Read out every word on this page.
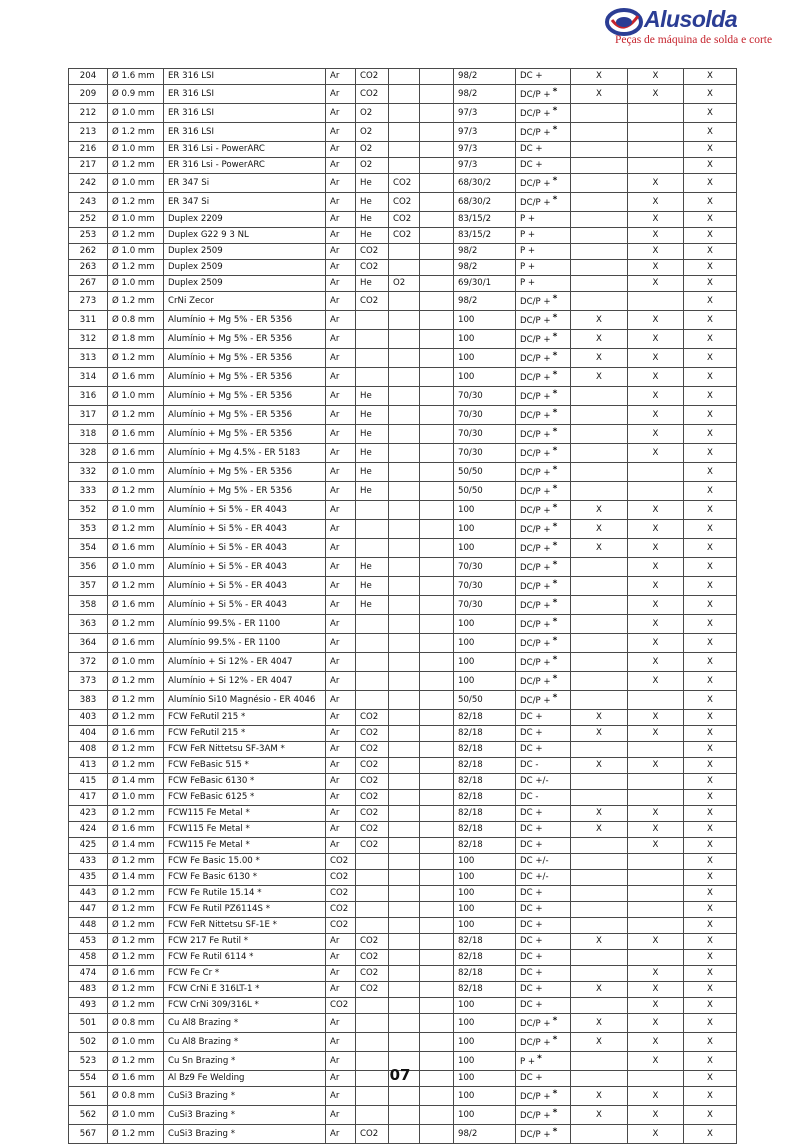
Alusolda
Peças de máquina de solda e corte
204	Ø 1.6 mm	ER 316 LSI	Ar	CO2			98/2	DC +	X	X	X
209	Ø 0.9 mm	ER 316 LSI	Ar	CO2			98/2	DC/P + *	X	X	X
212	Ø 1.0 mm	ER 316 LSI	Ar	O2			97/3	DC/P + *			X
213	Ø 1.2 mm	ER 316 LSI	Ar	O2			97/3	DC/P + *			X
216	Ø 1.0 mm	ER 316 Lsi - PowerARC	Ar	O2			97/3	DC +			X
217	Ø 1.2 mm	ER 316 Lsi - PowerARC	Ar	O2			97/3	DC +			X
242	Ø 1.0 mm	ER 347 Si	Ar	He	CO2		68/30/2	DC/P + *		X	X
243	Ø 1.2 mm	ER 347 Si	Ar	He	CO2		68/30/2	DC/P + *		X	X
252	Ø 1.0 mm	Duplex 2209	Ar	He	CO2		83/15/2	P +		X	X
253	Ø 1.2 mm	Duplex G22 9 3 NL	Ar	He	CO2		83/15/2	P +		X	X
262	Ø 1.0 mm	Duplex 2509	Ar	CO2			98/2	P +		X	X
263	Ø 1.2 mm	Duplex 2509	Ar	CO2			98/2	P +		X	X
267	Ø 1.0 mm	Duplex 2509	Ar	He	O2		69/30/1	P +		X	X
273	Ø 1.2 mm	CrNi Zecor	Ar	CO2			98/2	DC/P + *			X
311	Ø 0.8 mm	Alumínio + Mg 5% - ER 5356	Ar				100	DC/P + *	X	X	X
312	Ø 1.8 mm	Alumínio + Mg 5% - ER 5356	Ar				100	DC/P + *	X	X	X
313	Ø 1.2 mm	Alumínio + Mg 5% - ER 5356	Ar				100	DC/P + *	X	X	X
314	Ø 1.6 mm	Alumínio + Mg 5% - ER 5356	Ar				100	DC/P + *	X	X	X
316	Ø 1.0 mm	Alumínio + Mg 5% - ER 5356	Ar	He			70/30	DC/P + *		X	X
317	Ø 1.2 mm	Alumínio + Mg 5% - ER 5356	Ar	He			70/30	DC/P + *		X	X
318	Ø 1.6 mm	Alumínio + Mg 5% - ER 5356	Ar	He			70/30	DC/P + *		X	X
328	Ø 1.6 mm	Alumínio + Mg 4.5% - ER 5183	Ar	He			70/30	DC/P + *		X	X
332	Ø 1.0 mm	Alumínio + Mg 5% - ER 5356	Ar	He			50/50	DC/P + *			X
333	Ø 1.2 mm	Alumínio + Mg 5% - ER 5356	Ar	He			50/50	DC/P + *			X
352	Ø 1.0 mm	Alumínio + Si 5% - ER 4043	Ar				100	DC/P + *	X	X	X
353	Ø 1.2 mm	Alumínio + Si 5% - ER 4043	Ar				100	DC/P + *	X	X	X
354	Ø 1.6 mm	Alumínio + Si 5% - ER 4043	Ar				100	DC/P + *	X	X	X
356	Ø 1.0 mm	Alumínio + Si 5% - ER 4043	Ar	He			70/30	DC/P + *		X	X
357	Ø 1.2 mm	Alumínio + Si 5% - ER 4043	Ar	He			70/30	DC/P + *		X	X
358	Ø 1.6 mm	Alumínio + Si 5% - ER 4043	Ar	He			70/30	DC/P + *		X	X
363	Ø 1.2 mm	Alumínio 99.5% - ER 1100	Ar				100	DC/P + *		X	X
364	Ø 1.6 mm	Alumínio 99.5% - ER 1100	Ar				100	DC/P + *		X	X
372	Ø 1.0 mm	Alumínio + Si 12% - ER 4047	Ar				100	DC/P + *		X	X
373	Ø 1.2 mm	Alumínio + Si 12% - ER 4047	Ar				100	DC/P + *		X	X
383	Ø 1.2 mm	Alumínio Si10 Magnésio - ER 4046	Ar				50/50	DC/P + *			X
403	Ø 1.2 mm	FCW FeRutil 215 *	Ar	CO2			82/18	DC +	X	X	X
404	Ø 1.6 mm	FCW FeRutil 215 *	Ar	CO2			82/18	DC +	X	X	X
408	Ø 1.2 mm	FCW FeR Nittetsu SF-3AM *	Ar	CO2			82/18	DC +			X
413	Ø 1.2 mm	FCW FeBasic 515 *	Ar	CO2			82/18	DC -	X	X	X
415	Ø 1.4 mm	FCW FeBasic 6130 *	Ar	CO2			82/18	DC +/-			X
417	Ø 1.0 mm	FCW FeBasic 6125 *	Ar	CO2			82/18	DC -			X
423	Ø 1.2 mm	FCW115 Fe Metal *	Ar	CO2			82/18	DC +	X	X	X
424	Ø 1.6 mm	FCW115 Fe Metal *	Ar	CO2			82/18	DC +	X	X	X
425	Ø 1.4 mm	FCW115 Fe Metal *	Ar	CO2			82/18	DC +		X	X
433	Ø 1.2 mm	FCW Fe Basic 15.00 *	CO2				100	DC +/-			X
435	Ø 1.4 mm	FCW Fe Basic 6130 *	CO2				100	DC +/-			X
443	Ø 1.2 mm	FCW Fe Rutile 15.14 *	CO2				100	DC +			X
447	Ø 1.2 mm	FCW Fe Rutil PZ6114S *	CO2				100	DC +			X
448	Ø 1.2 mm	FCW FeR Nittetsu SF-1E *	CO2				100	DC +			X
453	Ø 1.2 mm	FCW 217 Fe Rutil *	Ar	CO2			82/18	DC +	X	X	X
458	Ø 1.2 mm	FCW Fe Rutil 6114 *	Ar	CO2			82/18	DC +			X
474	Ø 1.6 mm	FCW Fe Cr *	Ar	CO2			82/18	DC +		X	X
483	Ø 1.2 mm	FCW CrNi E 316LT-1 *	Ar	CO2			82/18	DC +	X	X	X
493	Ø 1.2 mm	FCW CrNi 309/316L *	CO2				100	DC +		X	X
501	Ø 0.8 mm	Cu Al8 Brazing *	Ar				100	DC/P + *	X	X	X
502	Ø 1.0 mm	Cu Al8 Brazing *	Ar				100	DC/P + *	X	X	X
523	Ø 1.2 mm	Cu Sn Brazing *	Ar				100	P + *		X	X
554	Ø 1.6 mm	Al Bz9 Fe Welding	Ar				100	DC +			X
561	Ø 0.8 mm	CuSi3 Brazing *	Ar				100	DC/P + *	X	X	X
562	Ø 1.0 mm	CuSi3 Brazing *	Ar				100	DC/P + *	X	X	X
567	Ø 1.2 mm	CuSi3 Brazing *	Ar	CO2			98/2	DC/P + *		X	X
07
